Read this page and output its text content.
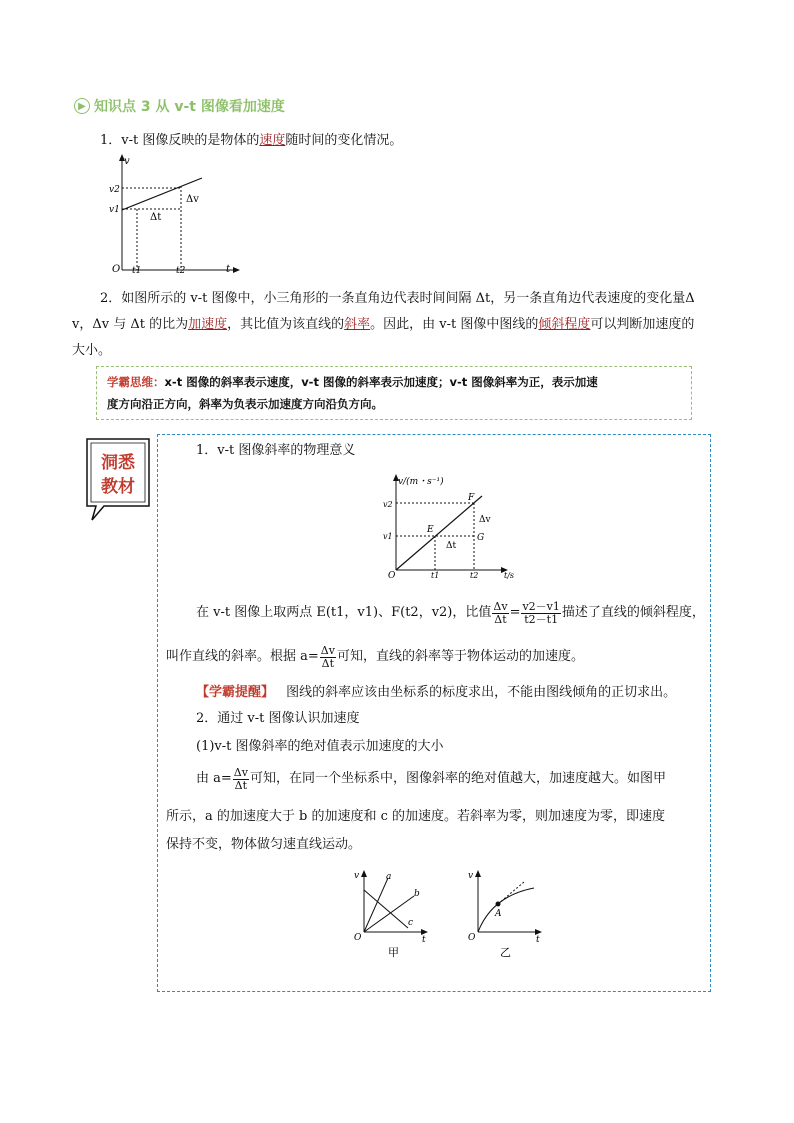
▶ 知识点 3 从 v-t 图像看加速度
1．v-t 图像反映的是物体的速度随时间的变化情况。
v
v2
v1
Δv
Δt
O t1	t2	t
2．如图所示的 v-t 图像中，小三角形的一条直角边代表时间间隔 Δt，另一条直角边代表速度的变化量Δ
v，Δv 与 Δt 的比为加速度，其比值为该直线的斜率。因此，由 v-t 图像中图线的倾斜程度可以判断加速度的
大小。
学霸思维：x-t 图像的斜率表示速度，v-t 图像的斜率表示加速度；v-t 图像斜率为正，表示加速
度方向沿正方向，斜率为负表示加速度方向沿负方向。
洞悉
教材
1．v-t 图像斜率的物理意义
v/(m・s⁻¹)
v2
v1
F
E
G
Δv
Δt
O	t1	t2	t/s
在 v-t 图像上取两点 E(t1，v1)、F(t2，v2)，比值 $\frac{\Delta v}{\Delta t} = \frac{v2-v1}{t2-t1}$ 描述了直线的倾斜程度，
叫作直线的斜率。根据 $a= \frac{\Delta v}{\Delta t}$ 可知，直线的斜率等于物体运动的加速度。
【学霸提醒】 图线的斜率应该由坐标系的标度求出，不能由图线倾角的正切求出。
2．通过 v-t 图像认识加速度
(1)v-t 图像斜率的绝对值表示加速度的大小
由 $a= \frac{\Delta v}{\Delta t}$ 可知，在同一个坐标系中，图像斜率的绝对值越大，加速度越大。如图甲
所示，a 的加速度大于 b 的加速度和 c 的加速度。若斜率为零，则加速度为零，即速度
保持不变，物体做匀速直线运动。
v	a
b
c
O	t
甲
v
A
O	t
乙
